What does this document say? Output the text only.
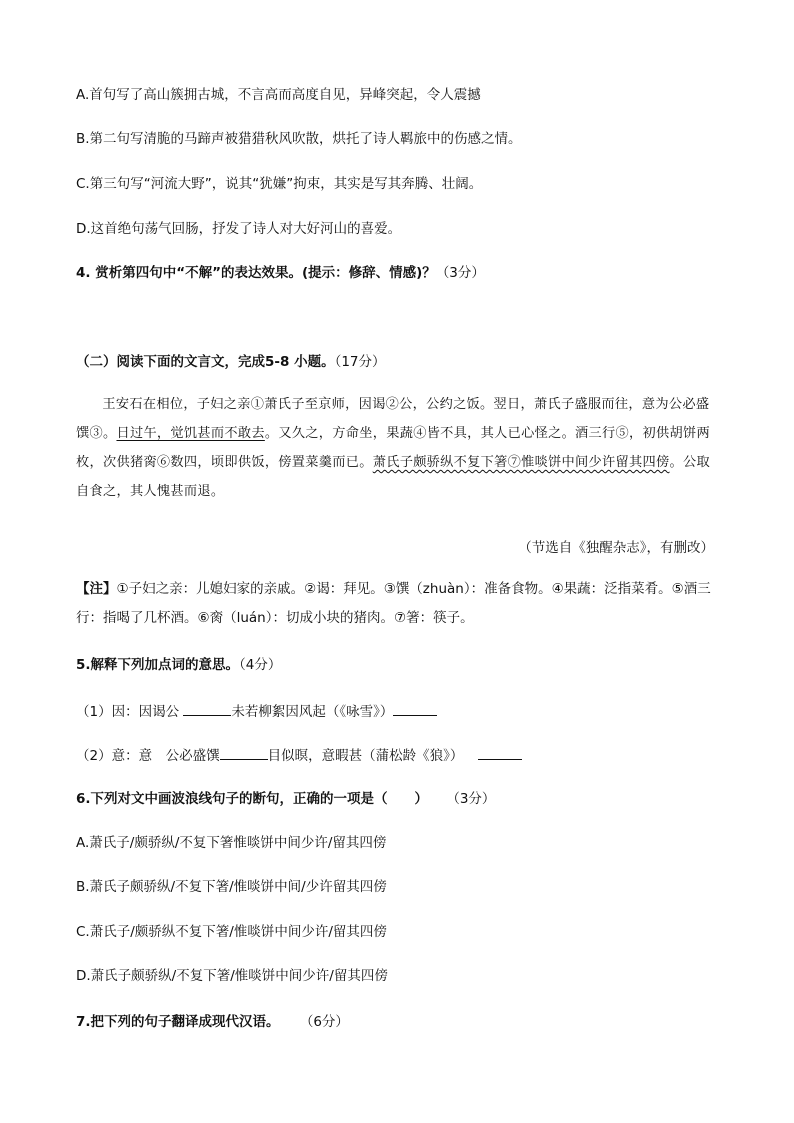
A.首句写了高山簇拥古城，不言高而高度自见，异峰突起，令人震撼
B.第二句写清脆的马蹄声被猎猎秋风吹散，烘托了诗人羁旅中的伤感之情。
C.第三句写“河流大野”，说其“犹嫌”拘束，其实是写其奔腾、壮阔。
D.这首绝句荡气回肠，抒发了诗人对大好河山的喜爱。
4. 赏析第四句中“不解”的表达效果。(提示：修辞、情感)？（3分）
（二）阅读下面的文言文，完成5-8 小题。（17分）
王安石在相位，子妇之亲①萧氏子至京师，因谒②公，公约之饭。翌日，萧氏子盛服而往，意为公必盛馔③。日过午，觉饥甚而不敢去。又久之，方命坐，果蔬④皆不具，其人已心怪之。酒三行⑤，初供胡饼两枚，次供猪脔⑥数四，顷即供饭，傍置菜羹而已。萧氏子颇骄纵不复下箸⑦惟啖饼中间少许留其四傍。公取自食之，其人愧甚而退。
（节选自《独醒杂志》，有删改）
【注】①子妇之亲：儿媳妇家的亲戚。②谒：拜见。③馔（zhuàn）：准备食物。④果蔬：泛指菜肴。⑤酒三行：指喝了几杯酒。⑥脔（luán）：切成小块的猪肉。⑦箸：筷子。
5.解释下列加点词的意思。（4分）
（1）因：因谒公	未若柳絮因风起（《咏雪》）
（2）意：意　公必盛馔	目似暝，意暇甚（蒲松龄《狼》）
6.下列对文中画波浪线句子的断句，正确的一项是（　　） （3分）
A.萧氏子/颇骄纵/不复下箸惟啖饼中间少许/留其四傍
B.萧氏子颇骄纵/不复下箸/惟啖饼中间/少许留其四傍
C.萧氏子/颇骄纵不复下箸/惟啖饼中间少许/留其四傍
D.萧氏子颇骄纵/不复下箸/惟啖饼中间少许/留其四傍
7.把下列的句子翻译成现代汉语。 （6分）
